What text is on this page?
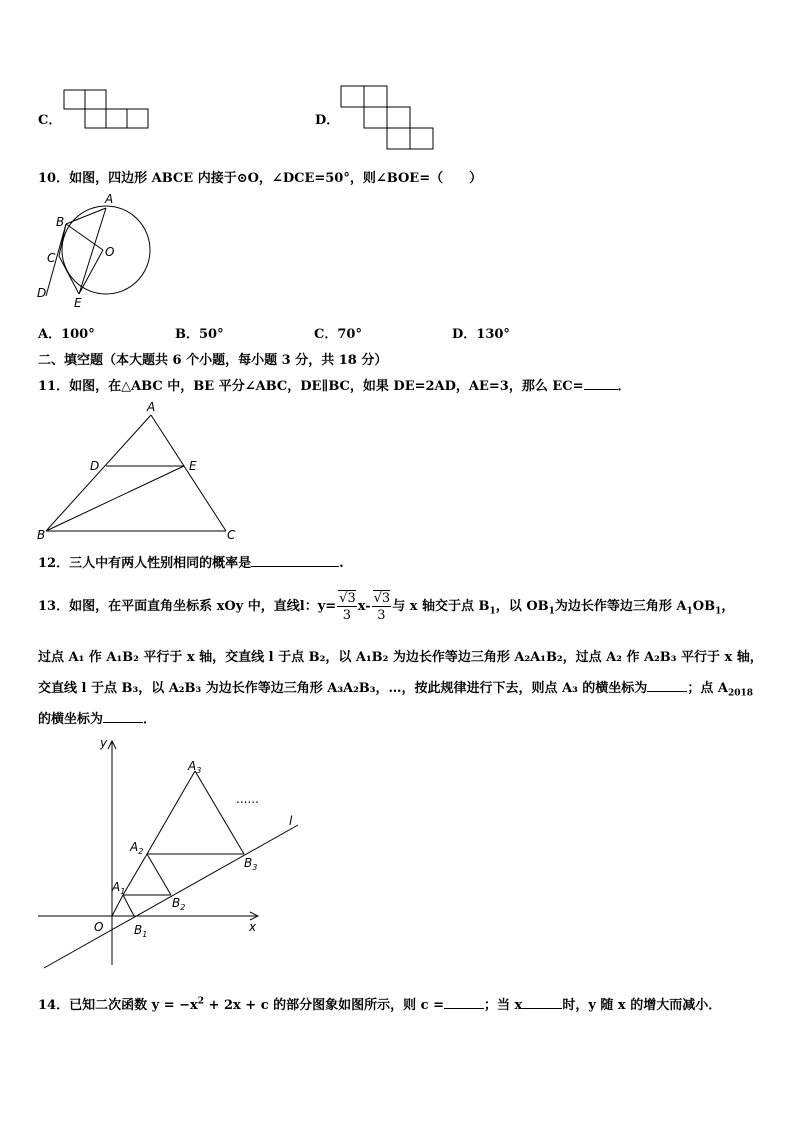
C．	D．
10．如图，四边形 ABCE 内接于⊙O，∠DCE=50°，则∠BOE=（　　）
A
B
O
C
D
E
A．100°	B．50°	C．70°	D．130°
二、填空题（本大题共 6 个小题，每小题 3 分，共 18 分）
11．如图，在△ABC 中，BE 平分∠ABC，DE∥BC，如果 DE=2AD，AE=3，那么 EC=	．
A
D	E
B	C
12．三人中有两人性别相同的概率是	.
13．如图，在平面直角坐标系 xOy 中，直线l：$y= \frac{√3}{3} x- \frac{√3}{3}$ 与 x 轴交于点 $B_1$，以 $OB_1$为边长作等边三角形 $A_1OB_1$，
过点 A₁ 作 A₁B₂ 平行于 x 轴，交直线 l 于点 B₂，以 A₁B₂ 为边长作等边三角形 A₂A₁B₂，过点 A₂ 作 A₂B₃ 平行于 x 轴，
交直线 l 于点 B₃，以 A₂B₃ 为边长作等边三角形 A₃A₂B₃，…，按此规律进行下去，则点 A₃ 的横坐标为	；点 $A_{2018}$
的横坐标为	．
y
x
O
l
......
$A_1$
$A_2$
$A_3$
$B_1$
$B_2$
$B_3$
14．已知二次函数 $y = -x^2 + 2x + c$ 的部分图象如图所示，则 c =	；当 x	时，y 随 x 的增大而减小．
